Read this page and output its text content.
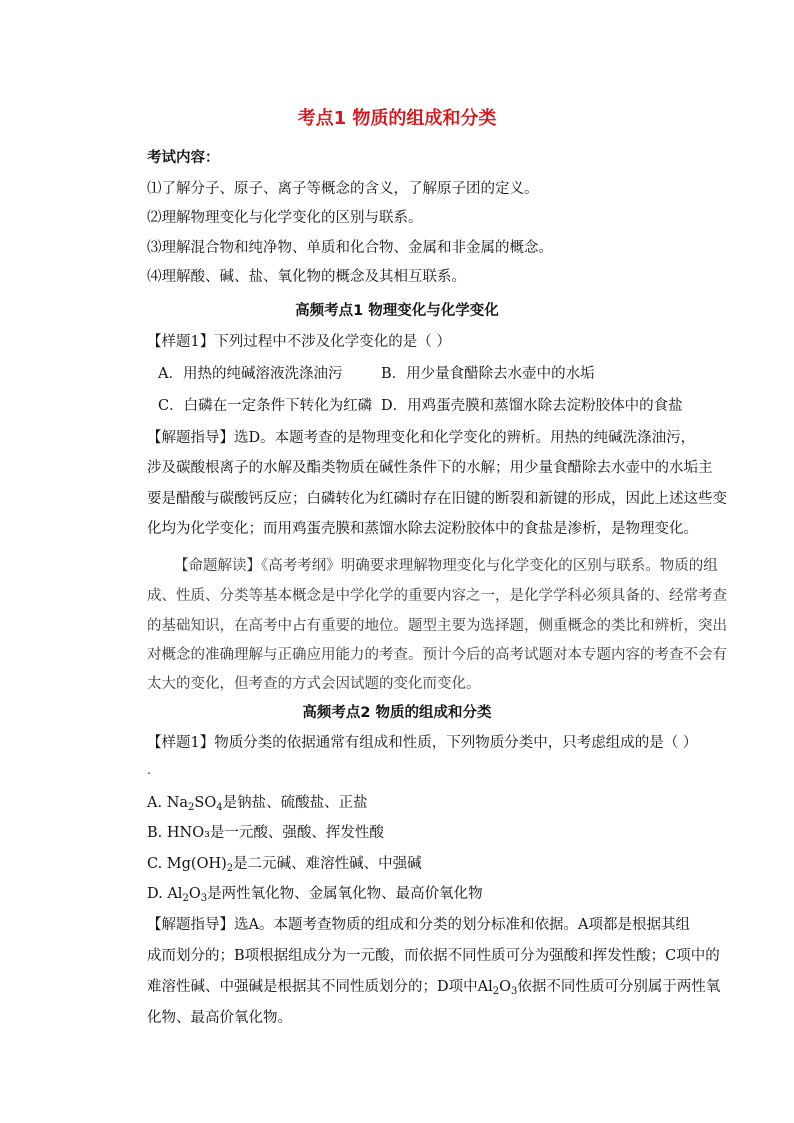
考点1 物质的组成和分类
考试内容：
⑴了解分子、原子、离子等概念的含义，了解原子团的定义。
⑵理解物理变化与化学变化的区别与联系。
⑶理解混合物和纯净物、单质和化合物、金属和非金属的概念。
⑷理解酸、碱、盐、氧化物的概念及其相互联系。
高频考点1 物理变化与化学变化
【样题1】下列过程中不涉及化学变化的是（ ）
A．用热的纯碱溶液洗涤油污	B．用少量食醋除去水壶中的水垢
C．白磷在一定条件下转化为红磷 D．用鸡蛋壳膜和蒸馏水除去淀粉胶体中的食盐
【解题指导】选D。本题考查的是物理变化和化学变化的辨析。用热的纯碱洗涤油污，
涉及碳酸根离子的水解及酯类物质在碱性条件下的水解；用少量食醋除去水壶中的水垢主
要是醋酸与碳酸钙反应；白磷转化为红磷时存在旧键的断裂和新键的形成，因此上述这些变
化均为化学变化；而用鸡蛋壳膜和蒸馏水除去淀粉胶体中的食盐是渗析，是物理变化。
【命题解读】《高考考纲》明确要求理解物理变化与化学变化的区别与联系。物质的组
成、性质、分类等基本概念是中学化学的重要内容之一，是化学学科必须具备的、经常考查
的基础知识，在高考中占有重要的地位。题型主要为选择题，侧重概念的类比和辨析，突出
对概念的准确理解与正确应用能力的考查。预计今后的高考试题对本专题内容的考查不会有
太大的变化，但考查的方式会因试题的变化而变化。
高频考点2 物质的组成和分类
【样题1】物质分类的依据通常有组成和性质，下列物质分类中，只考虑组成的是（ ）
.
A. $Na_2SO_4$是钠盐、硫酸盐、正盐
B. HNO₃是一元酸、强酸、挥发性酸
C. $Mg(OH)_2$是二元碱、难溶性碱、中强碱
D. $Al_2O_3$是两性氧化物、金属氧化物、最高价氧化物
【解题指导】选A。本题考查物质的组成和分类的划分标准和依据。A项都是根据其组
成而划分的；B项根据组成分为一元酸，而依据不同性质可分为强酸和挥发性酸；C项中的
难溶性碱、中强碱是根据其不同性质划分的；D项中$Al_2O_3$依据不同性质可分别属于两性氧
化物、最高价氧化物。
